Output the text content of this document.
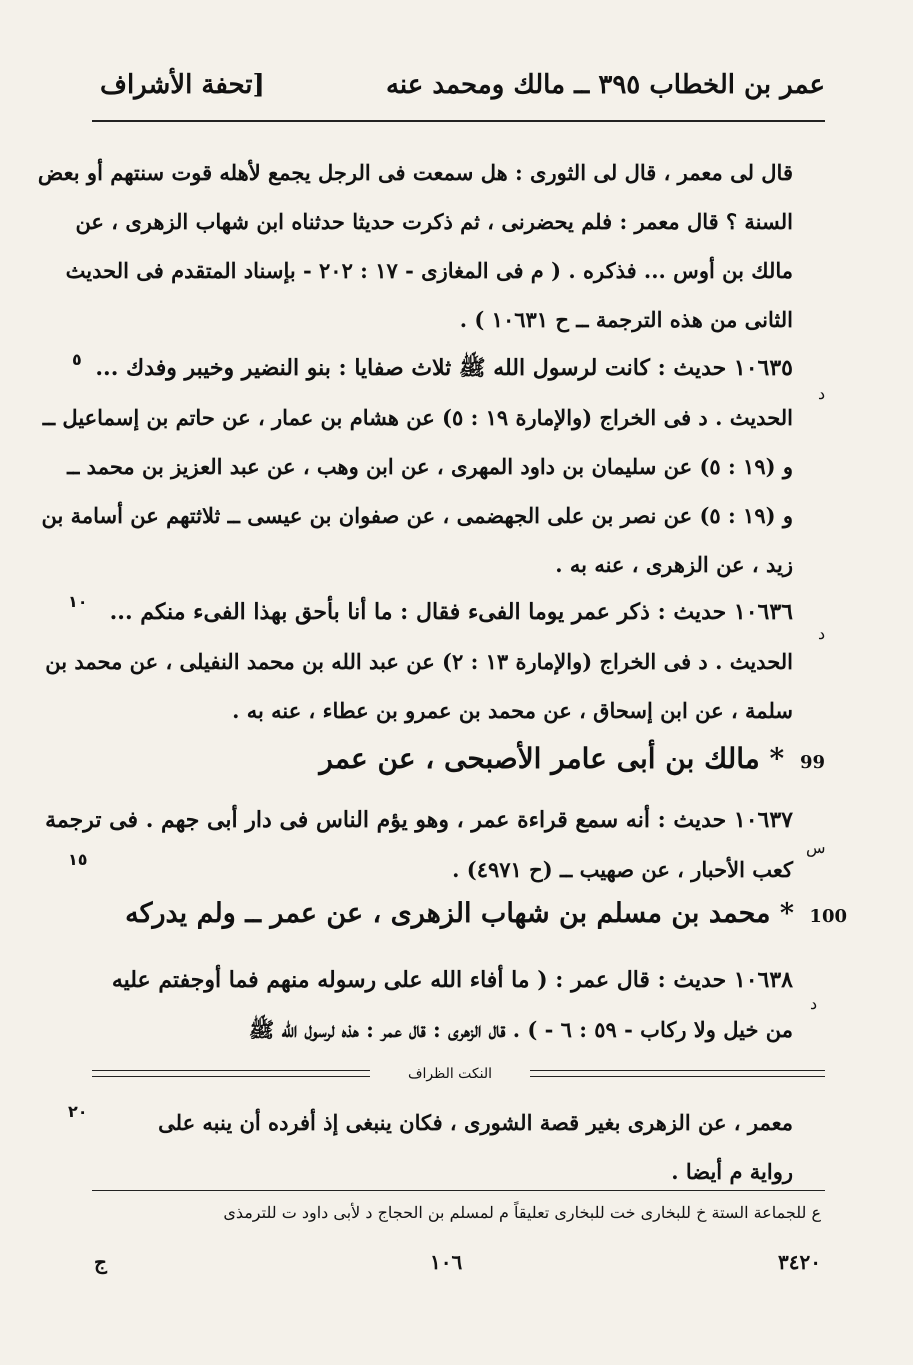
عمر بن الخطاب ٣٩٥ ــ مالك ومحمد عنه
[تحفة الأشراف
قال لى معمر ، قال لى الثورى : هل سمعت فى الرجل يجمع لأهله قوت سنتهم أو بعض
السنة ؟ قال معمر : فلم يحضرنى ، ثم ذكرت حديثا حدثناه ابن شهاب الزهرى ، عن
مالك بن أوس ... فذكره . ( م فى المغازى - ١٧ : ٢٠٢ - بإسناد المتقدم فى الحديث
الثانى من هذه الترجمة ــ ح ١٠٦٣١ ) .
١٠٦٣٥ حديث : كانت لرسول الله ﷺ ثلاث صفايا : بنو النضير وخيبر وفدك ...
الحديث . د فى الخراج (والإمارة ١٩ : ٥) عن هشام بن عمار ، عن حاتم بن إسماعيل ــ
و (١٩ : ٥) عن سليمان بن داود المهرى ، عن ابن وهب ، عن عبد العزيز بن محمد ــ
و (١٩ : ٥) عن نصر بن على الجهضمى ، عن صفوان بن عيسى ــ ثلاثتهم عن أسامة بن
زيد ، عن الزهرى ، عنه به .
١٠٦٣٦ حديث : ذكر عمر يوما الفىء فقال : ما أنا بأحق بهذا الفىء منكم ...
الحديث . د فى الخراج (والإمارة ١٣ : ٢) عن عبد الله بن محمد النفيلى ، عن محمد بن
سلمة ، عن ابن إسحاق ، عن محمد بن عمرو بن عطاء ، عنه به .
99 * مالك بن أبى عامر الأصبحى ، عن عمر
١٠٦٣٧ حديث : أنه سمع قراءة عمر ، وهو يؤم الناس فى دار أبى جهم . فى ترجمة
كعب الأحبار ، عن صهيب ــ (ح ٤٩٧١) .
100 * محمد بن مسلم بن شهاب الزهرى ، عن عمر ــ ولم يدركه
١٠٦٣٨ حديث : قال عمر : ( ما أفاء الله على رسوله منهم فما أوجفتم عليه
من خيل ولا ركاب - ٥٩ : ٦ - ) . قال الزهرى : قال عمر : هذه لرسول الله ﷺ
النكت الظراف
معمر ، عن الزهرى بغير قصة الشورى ، فكان ينبغى إذ أفرده أن ينبه على
رواية م أيضا .
٥
١٠
١٥
٢٠
د
د
س
د
ع للجماعة الستة خ للبخارى خت للبخارى تعليقاً م لمسلم بن الحجاج د لأبى داود ت للترمذى
٣٤٢٠
١٠٦
ج
